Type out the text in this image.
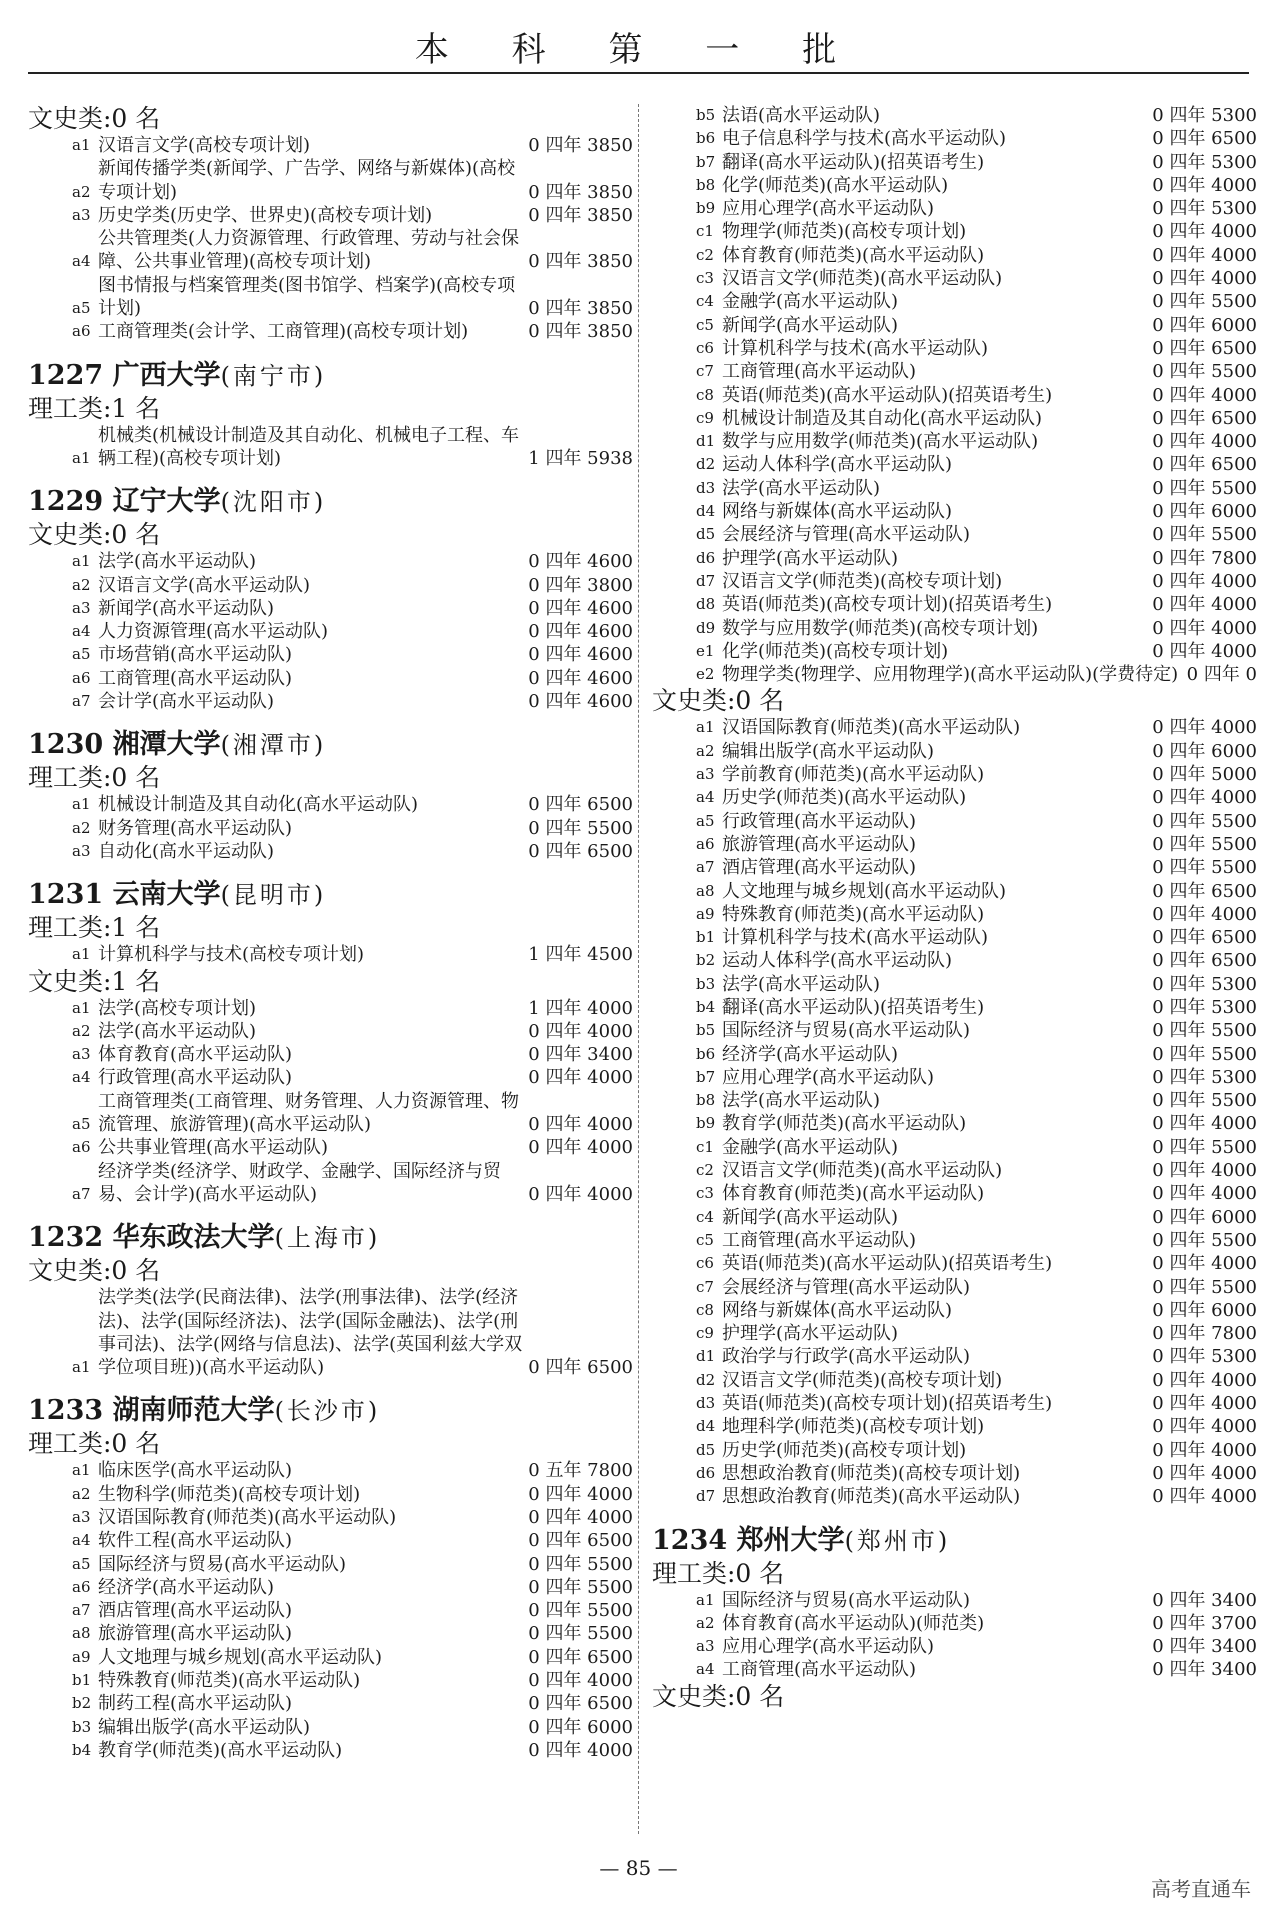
本 科 第 一 批
文史类:0 名
a1 汉语言文学(高校专项计划)	0 四年 3850
a2
新闻传播学类(新闻学、广告学、网络与新媒体)(高校专项计划)	0 四年 3850
a3 历史学类(历史学、世界史)(高校专项计划)	0 四年 3850
a4
公共管理类(人力资源管理、行政管理、劳动与社会保障、公共事业管理)(高校专项计划)	0 四年 3850
a5
图书情报与档案管理类(图书馆学、档案学)(高校专项计划)	0 四年 3850
a6 工商管理类(会计学、工商管理)(高校专项计划)	0 四年 3850
1227 广西大学(南宁市)
理工类:1 名
a1
机械类(机械设计制造及其自动化、机械电子工程、车辆工程)(高校专项计划)	1 四年 5938
1229 辽宁大学(沈阳市)
文史类:0 名
a1 法学(高水平运动队)	0 四年 4600
a2 汉语言文学(高水平运动队)	0 四年 3800
a3 新闻学(高水平运动队)	0 四年 4600
a4 人力资源管理(高水平运动队)	0 四年 4600
a5 市场营销(高水平运动队)	0 四年 4600
a6 工商管理(高水平运动队)	0 四年 4600
a7 会计学(高水平运动队)	0 四年 4600
1230 湘潭大学(湘潭市)
理工类:0 名
a1 机械设计制造及其自动化(高水平运动队)	0 四年 6500
a2 财务管理(高水平运动队)	0 四年 5500
a3 自动化(高水平运动队)	0 四年 6500
1231 云南大学(昆明市)
理工类:1 名
a1 计算机科学与技术(高校专项计划)	1 四年 4500
文史类:1 名
a1 法学(高校专项计划)	1 四年 4000
a2 法学(高水平运动队)	0 四年 4000
a3 体育教育(高水平运动队)	0 四年 3400
a4 行政管理(高水平运动队)	0 四年 4000
a5
工商管理类(工商管理、财务管理、人力资源管理、物流管理、旅游管理)(高水平运动队)	0 四年 4000
a6 公共事业管理(高水平运动队)	0 四年 4000
a7
经济学类(经济学、财政学、金融学、国际经济与贸易、会计学)(高水平运动队)	0 四年 4000
1232 华东政法大学(上海市)
文史类:0 名
a1
法学类(法学(民商法律)、法学(刑事法律)、法学(经济法)、法学(国际经济法)、法学(国际金融法)、法学(刑事司法)、法学(网络与信息法)、法学(英国利兹大学双学位项目班))(高水平运动队)	0 四年 6500
1233 湖南师范大学(长沙市)
理工类:0 名
a1 临床医学(高水平运动队)	0 五年 7800
a2 生物科学(师范类)(高校专项计划)	0 四年 4000
a3 汉语国际教育(师范类)(高水平运动队)	0 四年 4000
a4 软件工程(高水平运动队)	0 四年 6500
a5 国际经济与贸易(高水平运动队)	0 四年 5500
a6 经济学(高水平运动队)	0 四年 5500
a7 酒店管理(高水平运动队)	0 四年 5500
a8 旅游管理(高水平运动队)	0 四年 5500
a9 人文地理与城乡规划(高水平运动队)	0 四年 6500
b1 特殊教育(师范类)(高水平运动队)	0 四年 4000
b2 制药工程(高水平运动队)	0 四年 6500
b3 编辑出版学(高水平运动队)	0 四年 6000
b4 教育学(师范类)(高水平运动队)	0 四年 4000
b5 法语(高水平运动队)	0 四年 5300
b6 电子信息科学与技术(高水平运动队)	0 四年 6500
b7 翻译(高水平运动队)(招英语考生)	0 四年 5300
b8 化学(师范类)(高水平运动队)	0 四年 4000
b9 应用心理学(高水平运动队)	0 四年 5300
c1 物理学(师范类)(高校专项计划)	0 四年 4000
c2 体育教育(师范类)(高水平运动队)	0 四年 4000
c3 汉语言文学(师范类)(高水平运动队)	0 四年 4000
c4 金融学(高水平运动队)	0 四年 5500
c5 新闻学(高水平运动队)	0 四年 6000
c6 计算机科学与技术(高水平运动队)	0 四年 6500
c7 工商管理(高水平运动队)	0 四年 5500
c8 英语(师范类)(高水平运动队)(招英语考生)	0 四年 4000
c9 机械设计制造及其自动化(高水平运动队)	0 四年 6500
d1 数学与应用数学(师范类)(高水平运动队)	0 四年 4000
d2 运动人体科学(高水平运动队)	0 四年 6500
d3 法学(高水平运动队)	0 四年 5500
d4 网络与新媒体(高水平运动队)	0 四年 6000
d5 会展经济与管理(高水平运动队)	0 四年 5500
d6 护理学(高水平运动队)	0 四年 7800
d7 汉语言文学(师范类)(高校专项计划)	0 四年 4000
d8 英语(师范类)(高校专项计划)(招英语考生)	0 四年 4000
d9 数学与应用数学(师范类)(高校专项计划)	0 四年 4000
e1 化学(师范类)(高校专项计划)	0 四年 4000
e2 物理学类(物理学、应用物理学)(高水平运动队)(学费待定) 0 四年 0
文史类:0 名
a1 汉语国际教育(师范类)(高水平运动队)	0 四年 4000
a2 编辑出版学(高水平运动队)	0 四年 6000
a3 学前教育(师范类)(高水平运动队)	0 四年 5000
a4 历史学(师范类)(高水平运动队)	0 四年 4000
a5 行政管理(高水平运动队)	0 四年 5500
a6 旅游管理(高水平运动队)	0 四年 5500
a7 酒店管理(高水平运动队)	0 四年 5500
a8 人文地理与城乡规划(高水平运动队)	0 四年 6500
a9 特殊教育(师范类)(高水平运动队)	0 四年 4000
b1 计算机科学与技术(高水平运动队)	0 四年 6500
b2 运动人体科学(高水平运动队)	0 四年 6500
b3 法学(高水平运动队)	0 四年 5300
b4 翻译(高水平运动队)(招英语考生)	0 四年 5300
b5 国际经济与贸易(高水平运动队)	0 四年 5500
b6 经济学(高水平运动队)	0 四年 5500
b7 应用心理学(高水平运动队)	0 四年 5300
b8 法学(高水平运动队)	0 四年 5500
b9 教育学(师范类)(高水平运动队)	0 四年 4000
c1 金融学(高水平运动队)	0 四年 5500
c2 汉语言文学(师范类)(高水平运动队)	0 四年 4000
c3 体育教育(师范类)(高水平运动队)	0 四年 4000
c4 新闻学(高水平运动队)	0 四年 6000
c5 工商管理(高水平运动队)	0 四年 5500
c6 英语(师范类)(高水平运动队)(招英语考生)	0 四年 4000
c7 会展经济与管理(高水平运动队)	0 四年 5500
c8 网络与新媒体(高水平运动队)	0 四年 6000
c9 护理学(高水平运动队)	0 四年 7800
d1 政治学与行政学(高水平运动队)	0 四年 5300
d2 汉语言文学(师范类)(高校专项计划)	0 四年 4000
d3 英语(师范类)(高校专项计划)(招英语考生)	0 四年 4000
d4 地理科学(师范类)(高校专项计划)	0 四年 4000
d5 历史学(师范类)(高校专项计划)	0 四年 4000
d6 思想政治教育(师范类)(高校专项计划)	0 四年 4000
d7 思想政治教育(师范类)(高水平运动队)	0 四年 4000
1234 郑州大学(郑州市)
理工类:0 名
a1 国际经济与贸易(高水平运动队)	0 四年 3400
a2 体育教育(高水平运动队)(师范类)	0 四年 3700
a3 应用心理学(高水平运动队)	0 四年 3400
a4 工商管理(高水平运动队)	0 四年 3400
文史类:0 名
— 85 —
高考直通车
